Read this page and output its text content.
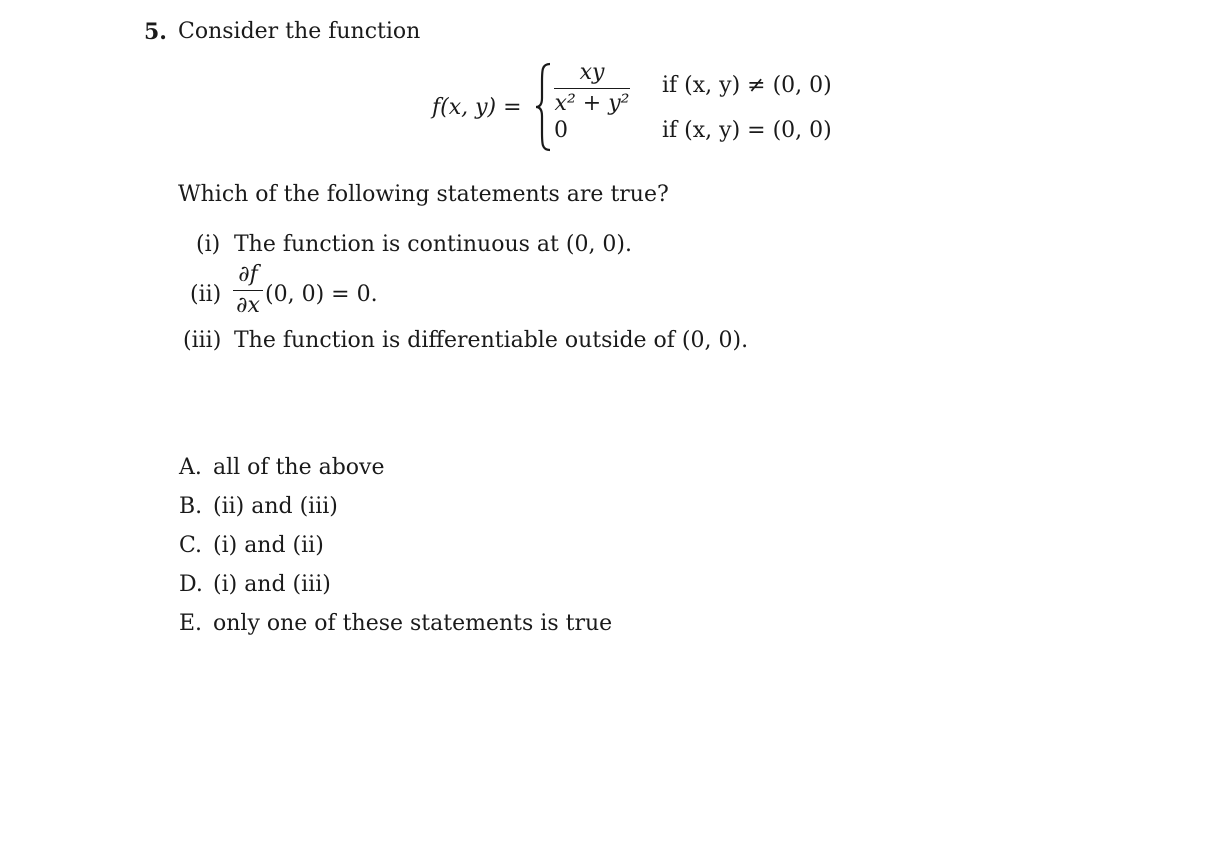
5. Consider the function
f(x, y) =
xy
x² + y²
if (x, y) ≠ (0, 0)
0	if (x, y) = (0, 0)
Which of the following statements are true?
(i) The function is continuous at (0, 0).
(ii)
∂f
∂x (0, 0) = 0.
(iii) The function is differentiable outside of (0, 0).
A. all of the above
B. (ii) and (iii)
C. (i) and (ii)
D. (i) and (iii)
E. only one of these statements is true
